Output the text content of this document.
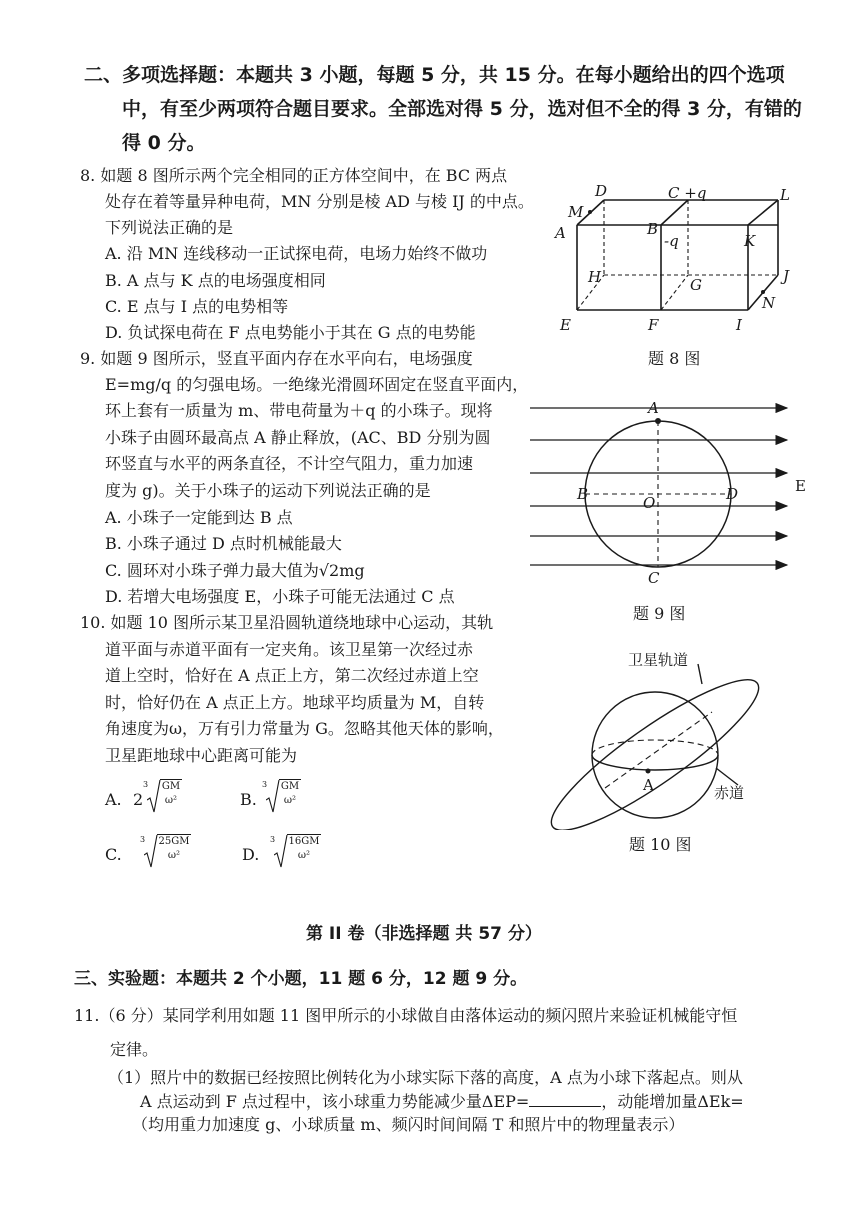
二、多项选择题：本题共 3 小题，每题 5 分，共 15 分。在每小题给出的四个选项
中，有至少两项符合题目要求。全部选对得 5 分，选对但不全的得 3 分，有错的
得 0 分。
8. 如题 8 图所示两个完全相同的正方体空间中，在 BC 两点
处存在着等量异种电荷，MN 分别是棱 AD 与棱 IJ 的中点。
下列说法正确的是
A. 沿 MN 连线移动一正试探电荷，电场力始终不做功
B. A 点与 K 点的电场强度相同
C. E 点与 I 点的电势相等
D. 负试探电荷在 F 点电势能小于其在 G 点的电势能
D	C +q	L
M
A	B
-q	K
H	G	J
N
E	F	I
题 8 图
9. 如题 9 图所示，竖直平面内存在水平向右，电场强度
E=mg/q 的匀强电场。一绝缘光滑圆环固定在竖直平面内，
环上套有一质量为 m、带电荷量为＋q 的小珠子。现将
小珠子由圆环最高点 A 静止释放，(AC、BD 分别为圆
环竖直与水平的两条直径，不计空气阻力，重力加速
度为 g)。关于小珠子的运动下列说法正确的是
A. 小珠子一定能到达 B 点
B. 小珠子通过 D 点时机械能最大
C. 圆环对小珠子弹力最大值为√2mg
D. 若增大电场强度 E，小珠子可能无法通过 C 点
A
B	O	D
C
E
题 9 图
10. 如题 10 图所示某卫星沿圆轨道绕地球中心运动，其轨
道平面与赤道平面有一定夹角。该卫星第一次经过赤
道上空时，恰好在 A 点正上方，第二次经过赤道上空
时，恰好仍在 A 点正上方。地球平均质量为 M，自转
角速度为ω，万有引力常量为 G。忽略其他天体的影响，
卫星距地球中心距离可能为
A. 2
3 GM
ω²	B.
3 GM
ω²
C.
3 25GM
ω²	D.
3 16GM
ω²
卫星轨道
A	赤道
题 10 图
第 II 卷（非选择题 共 57 分）
三、实验题：本题共 2 个小题，11 题 6 分，12 题 9 分。
11.（6 分）某同学利用如题 11 图甲所示的小球做自由落体运动的频闪照片来验证机械能守恒
定律。
（1）照片中的数据已经按照比例转化为小球实际下落的高度，A 点为小球下落起点。则从
A 点运动到 F 点过程中，该小球重力势能减少量ΔEP=	，动能增加量ΔEk=
（均用重力加速度 g、小球质量 m、频闪时间间隔 T 和照片中的物理量表示）
